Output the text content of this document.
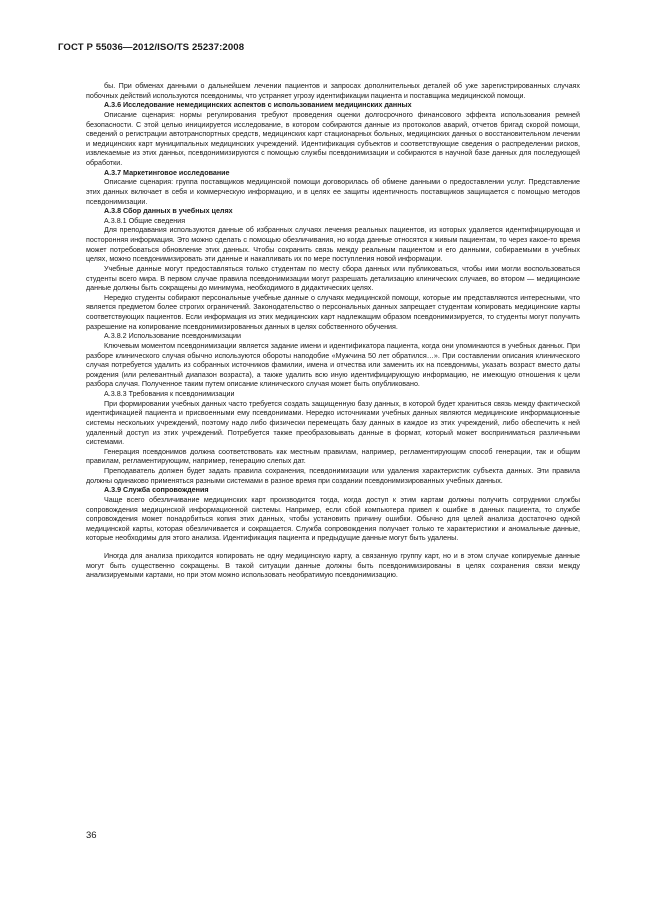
ГОСТ Р 55036—2012/ISO/TS 25237:2008

бы. При обменах данными о дальнейшем лечении пациентов и запросах дополнительных деталей об уже зарегистрированных случаях побочных действий используются псевдонимы, что устраняет угрозу идентификации пациента и поставщика медицинской помощи.

А.3.6 Исследование немедицинских аспектов с использованием медицинских данных

Описание сценария: нормы регулирования требуют проведения оценки долгосрочного финансового эффекта использования ремней безопасности. С этой целью инициируется исследование, в котором собираются данные из протоколов аварий, отчетов бригад скорой помощи, сведений о регистрации автотранспортных средств, медицинских карт стационарных больных, медицинских данных о восстановительном лечении и медицинских карт муниципальных медицинских учреждений. Идентификация субъектов и соответствующие сведения о распределении рисков, извлекаемые из этих данных, псевдонимизируются с помощью службы псевдонимизации и собираются в научной базе данных для последующей обработки.

А.3.7 Маркетинговое исследование

Описание сценария: группа поставщиков медицинской помощи договорилась об обмене данными о предоставлении услуг. Представление этих данных включает в себя и коммерческую информацию, и в целях ее защиты идентичность поставщиков защищается с помощью методов псевдонимизации.

А.3.8 Сбор данных в учебных целях

А.3.8.1 Общие сведения

Для преподавания используются данные об избранных случаях лечения реальных пациентов, из которых удаляется идентифицирующая и посторонняя информация. Это можно сделать с помощью обезличивания, но когда данные относятся к живым пациентам, то через какое-то время может потребоваться обновление этих данных. Чтобы сохранить связь между реальным пациентом и его данными, собираемыми в учебных целях, можно псевдонимизировать эти данные и накапливать их по мере поступления новой информации.

Учебные данные могут предоставляться только студентам по месту сбора данных или публиковаться, чтобы ими могли воспользоваться студенты всего мира. В первом случае правила псевдонимизации могут разрешать детализацию клинических случаев, во втором — медицинские данные должны быть сокращены до минимума, необходимого в дидактических целях.

Нередко студенты собирают персональные учебные данные о случаях медицинской помощи, которые им представляются интересными, что является предметом более строгих ограничений. Законодательство о персональных данных запрещает студентам копировать медицинские карты соответствующих пациентов. Если информация из этих медицинских карт надлежащим образом псевдонимизируется, то студенты могут получить разрешение на копирование псевдонимизированных данных в целях собственного обучения.

А.3.8.2 Использование псевдонимизации

Ключевым моментом псевдонимизации является задание имени и идентификатора пациента, когда они упоминаются в учебных данных. При разборе клинического случая обычно используются обороты наподобие «Мужчина 50 лет обратился…». При составлении описания клинического случая потребуется удалить из собранных источников фамилии, имена и отчества или заменить их на псевдонимы, указать возраст вместо даты рождения (или релевантный диапазон возраста), а также удалить всю иную идентифицирующую информацию, не имеющую отношения к цели разбора случая. Полученное таким путем описание клинического случая может быть опубликовано.

А.3.8.3 Требования к псевдонимизации

При формировании учебных данных часто требуется создать защищенную базу данных, в которой будет храниться связь между фактической идентификацией пациента и присвоенными ему псевдонимами. Нередко источниками учебных данных являются медицинские информационные системы нескольких учреждений, поэтому надо либо физически перемещать базу данных в каждое из этих учреждений, либо обеспечить к ней удаленный доступ из этих учреждений. Потребуется также преобразовывать данные в формат, который может восприниматься различными системами.

Генерация псевдонимов должна соответствовать как местным правилам, например, регламентирующим способ генерации, так и общим правилам, регламентирующим, например, генерацию слепых дат.

Преподаватель должен будет задать правила сохранения, псевдонимизации или удаления характеристик субъекта данных. Эти правила должны одинаково применяться разными системами в разное время при создании псевдонимизированных учебных данных.

А.3.9 Служба сопровождения

Чаще всего обезличивание медицинских карт производится тогда, когда доступ к этим картам должны получить сотрудники службы сопровождения медицинской информационной системы. Например, если сбой компьютера привел к ошибке в данных пациента, то службе сопровождения может понадобиться копия этих данных, чтобы установить причину ошибки. Обычно для целей анализа достаточно одной медицинской карты, которая обезличивается и сокращается. Служба сопровождения получает только те характеристики и аномальные данные, которые необходимы для этого анализа. Идентификация пациента и предыдущие данные могут быть удалены.

Иногда для анализа приходится копировать не одну медицинскую карту, а связанную группу карт, но и в этом случае копируемые данные могут быть существенно сокращены. В такой ситуации данные должны быть псевдонимизированы в целях сохранения связи между анализируемыми картами, но при этом можно использовать необратимую псевдонимизацию.

36
